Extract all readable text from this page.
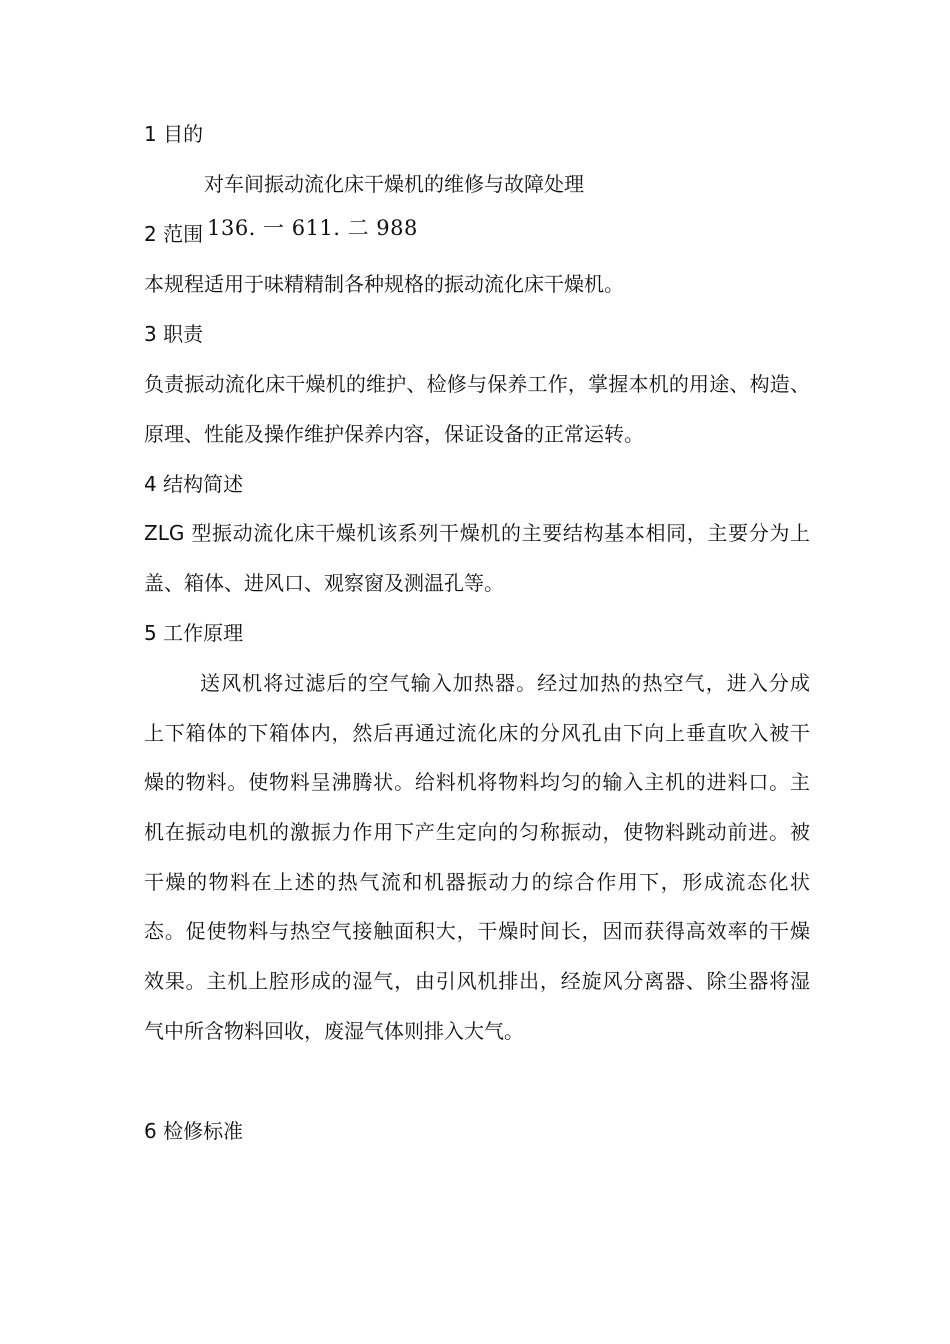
1 目的
对车间振动流化床干燥机的维修与故障处理
2 范围 136. 一 611. 二 988
本规程适用于味精精制各种规格的振动流化床干燥机。
3 职责
负责振动流化床干燥机的维护、检修与保养工作，掌握本机的用途、构造、
原理、性能及操作维护保养内容，保证设备的正常运转。
4 结构简述
ZLG 型振动流化床干燥机该系列干燥机的主要结构基本相同，主要分为上
盖、箱体、进风口、观察窗及测温孔等。
5 工作原理
送风机将过滤后的空气输入加热器。经过加热的热空气，进入分成
上下箱体的下箱体内，然后再通过流化床的分风孔由下向上垂直吹入被干
燥的物料。使物料呈沸腾状。给料机将物料均匀的输入主机的进料口。主
机在振动电机的激振力作用下产生定向的匀称振动，使物料跳动前进。被
干燥的物料在上述的热气流和机器振动力的综合作用下，形成流态化状
态。促使物料与热空气接触面积大，干燥时间长，因而获得高效率的干燥
效果。主机上腔形成的湿气，由引风机排出，经旋风分离器、除尘器将湿
气中所含物料回收，废湿气体则排入大气。
6 检修标准
